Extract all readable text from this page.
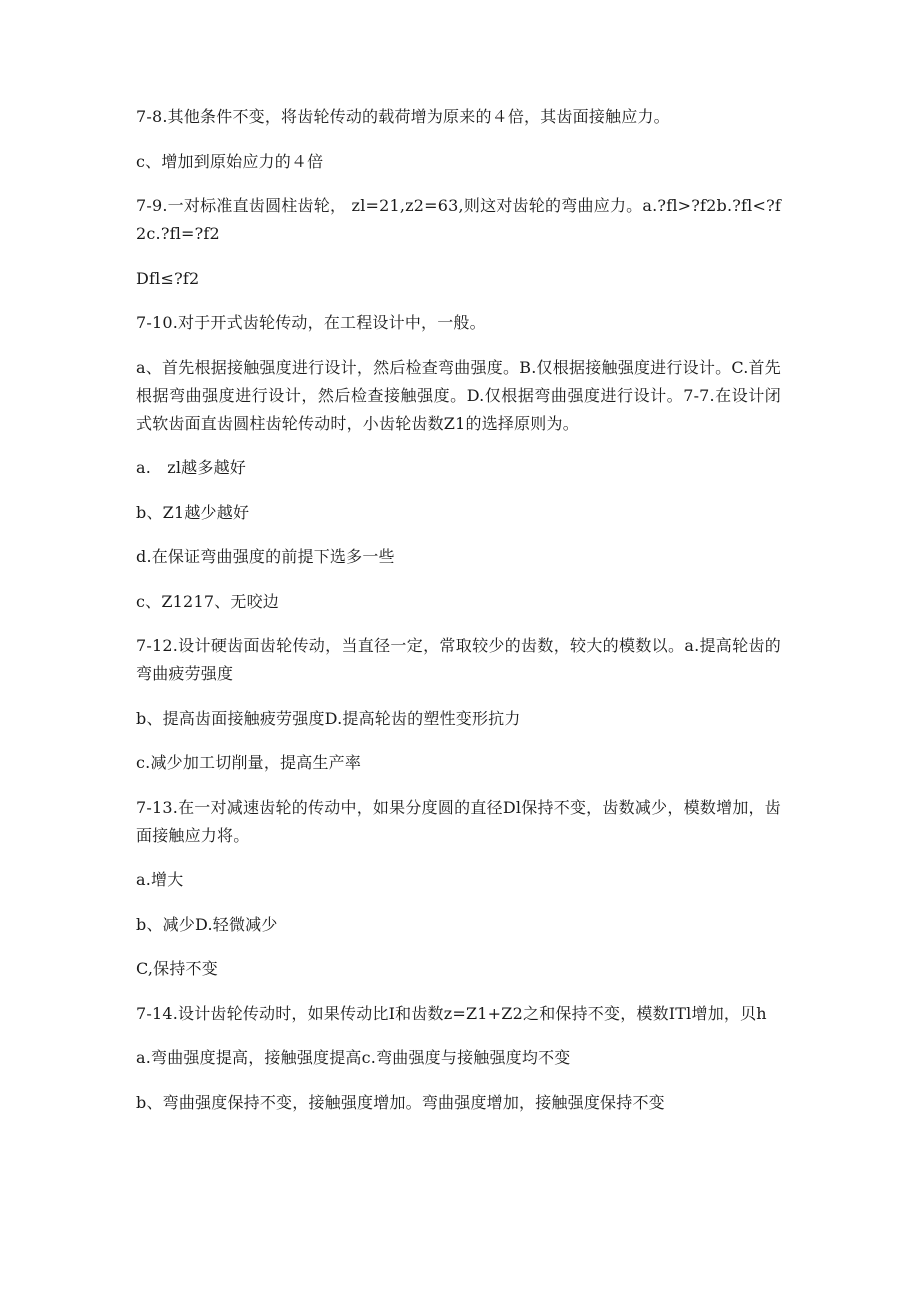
7-8.其他条件不变，将齿轮传动的载荷增为原来的４倍，其齿面接触应力。

c、增加到原始应力的４倍

7-9.一对标准直齿圆柱齿轮， zl=21,z2=63,则这对齿轮的弯曲应力。a.?fl>?f2b.?fl<?f2c.?fl=?f2

Dfl≤?f2

7-10.对于开式齿轮传动，在工程设计中，一般。

a、首先根据接触强度进行设计，然后检查弯曲强度。B.仅根据接触强度进行设计。C.首先根据弯曲强度进行设计，然后检查接触强度。D.仅根据弯曲强度进行设计。7-7.在设计闭式软齿面直齿圆柱齿轮传动时，小齿轮齿数Z1的选择原则为。

a.　zl越多越好

b、Z1越少越好

d.在保证弯曲强度的前提下选多一些

c、Z1217、无咬边

7-12.设计硬齿面齿轮传动，当直径一定，常取较少的齿数，较大的模数以。a.提高轮齿的弯曲疲劳强度

b、提高齿面接触疲劳强度D.提高轮齿的塑性变形抗力

c.减少加工切削量，提高生产率

7-13.在一对减速齿轮的传动中，如果分度圆的直径Dl保持不变，齿数减少，模数增加，齿面接触应力将。

a.增大

b、减少D.轻微减少

C,保持不变

7-14.设计齿轮传动时，如果传动比I和齿数z=Z1+Z2之和保持不变，模数ITl增加，贝h

a.弯曲强度提高，接触强度提高c.弯曲强度与接触强度均不变

b、弯曲强度保持不变，接触强度增加。弯曲强度增加，接触强度保持不变
